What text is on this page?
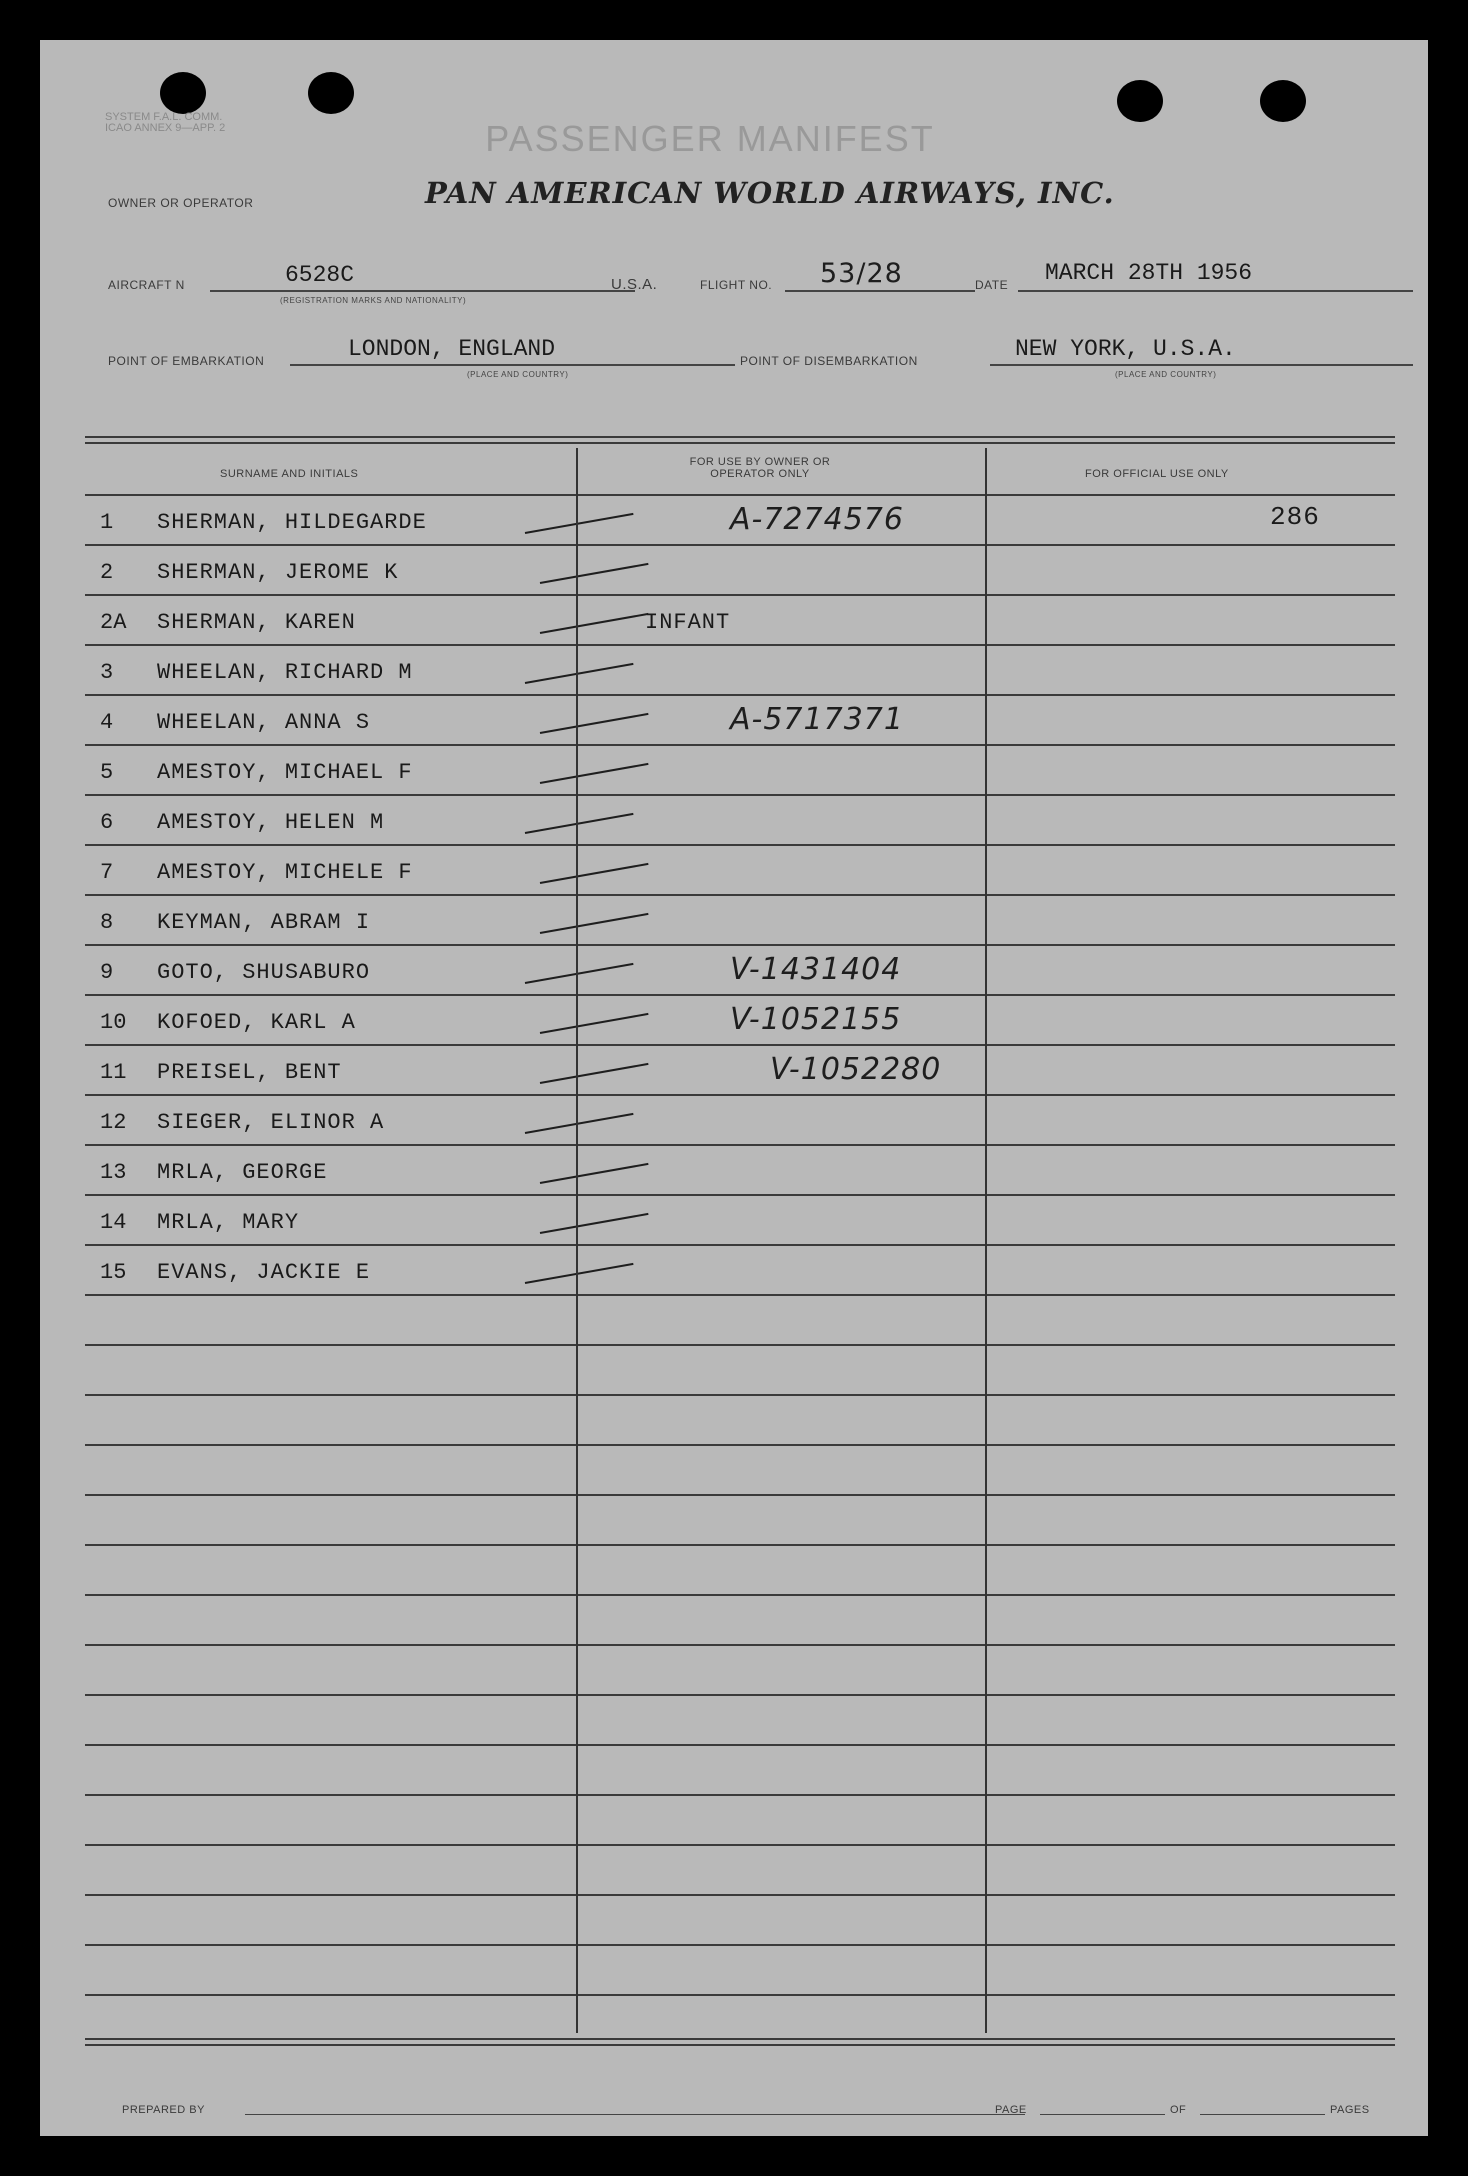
SYSTEM F.A.L. COMM.
ICAO ANNEX 9—APP. 2	PASSENGER MANIFEST
OWNER OR OPERATOR	PAN AMERICAN WORLD AIRWAYS, INC.
AIRCRAFT N	6528C
(REGISTRATION MARKS AND NATIONALITY)
U.S.A.	FLIGHT NO. 53/28	DATE MARCH 28TH 1956
POINT OF EMBARKATION	LONDON, ENGLAND
(PLACE AND COUNTRY)
POINT OF DISEMBARKATION	NEW YORK, U.S.A.
(PLACE AND COUNTRY)
SURNAME AND INITIALS
FOR USE BY OWNER OR OPERATOR ONLY	FOR OFFICIAL USE ONLY
1	SHERMAN, HILDEGARDE	A-7274576	286
2	SHERMAN, JEROME K
2A	SHERMAN, KAREN	INFANT
3	WHEELAN, RICHARD M
4	WHEELAN, ANNA S	A-5717371
5	AMESTOY, MICHAEL F
6	AMESTOY, HELEN M
7	AMESTOY, MICHELE F
8	KEYMAN, ABRAM I
9	GOTO, SHUSABURO	V-1431404
10	KOFOED, KARL A	V-1052155
11	PREISEL, BENT	V-1052280
12	SIEGER, ELINOR A
13	MRLA, GEORGE
14	MRLA, MARY
15	EVANS, JACKIE E
PREPARED BY	PAGE	OF	PAGES
